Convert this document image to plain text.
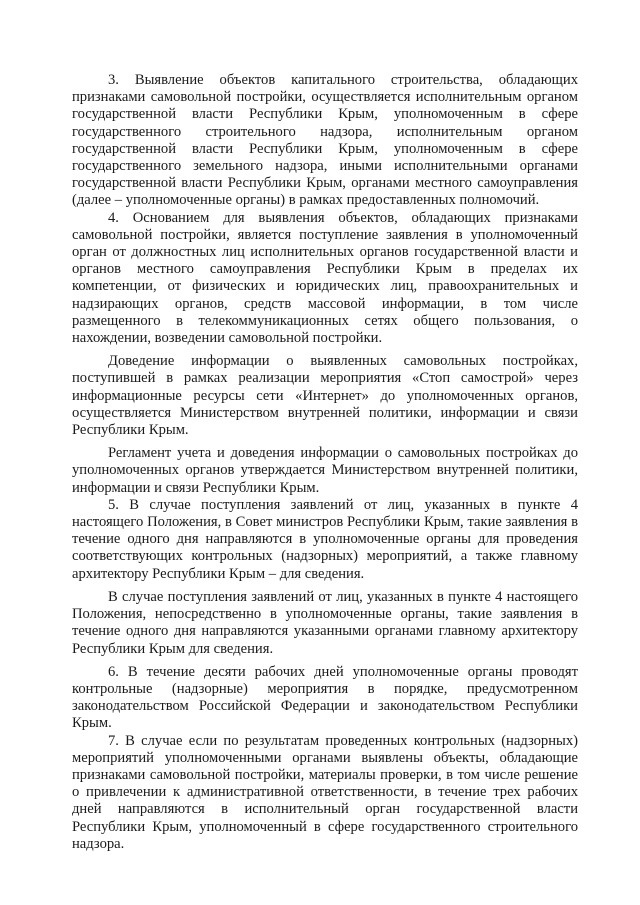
3. Выявление объектов капитального строительства, обладающих признаками самовольной постройки, осуществляется исполнительным органом государственной власти Республики Крым, уполномоченным в сфере государственного строительного надзора, исполнительным органом государственной власти Республики Крым, уполномоченным в сфере государственного земельного надзора, иными исполнительными органами государственной власти Республики Крым, органами местного самоуправления (далее – уполномоченные органы) в рамках предоставленных полномочий.

4. Основанием для выявления объектов, обладающих признаками самовольной постройки, является поступление заявления в уполномоченный орган от должностных лиц исполнительных органов государственной власти и органов местного самоуправления Республики Крым в пределах их компетенции, от физических и юридических лиц, правоохранительных и надзирающих органов, средств массовой информации, в том числе размещенного в телекоммуникационных сетях общего пользования, о нахождении, возведении самовольной постройки.

Доведение информации о выявленных самовольных постройках, поступившей в рамках реализации мероприятия «Стоп самострой» через информационные ресурсы сети «Интернет» до уполномоченных органов, осуществляется Министерством внутренней политики, информации и связи Республики Крым.

Регламент учета и доведения информации о самовольных постройках до уполномоченных органов утверждается Министерством внутренней политики, информации и связи Республики Крым.

5. В случае поступления заявлений от лиц, указанных в пункте 4 настоящего Положения, в Совет министров Республики Крым, такие заявления в течение одного дня направляются в уполномоченные органы для проведения соответствующих контрольных (надзорных) мероприятий, а также главному архитектору Республики Крым – для сведения.

В случае поступления заявлений от лиц, указанных в пункте 4 настоящего Положения, непосредственно в уполномоченные органы, такие заявления в течение одного дня направляются указанными органами главному архитектору Республики Крым для сведения.

6. В течение десяти рабочих дней уполномоченные органы проводят контрольные (надзорные) мероприятия в порядке, предусмотренном законодательством Российской Федерации и законодательством Республики Крым.

7. В случае если по результатам проведенных контрольных (надзорных) мероприятий уполномоченными органами выявлены объекты, обладающие признаками самовольной постройки, материалы проверки, в том числе решение о привлечении к административной ответственности, в течение трех рабочих дней направляются в исполнительный орган государственной власти Республики Крым, уполномоченный в сфере государственного строительного надзора.
